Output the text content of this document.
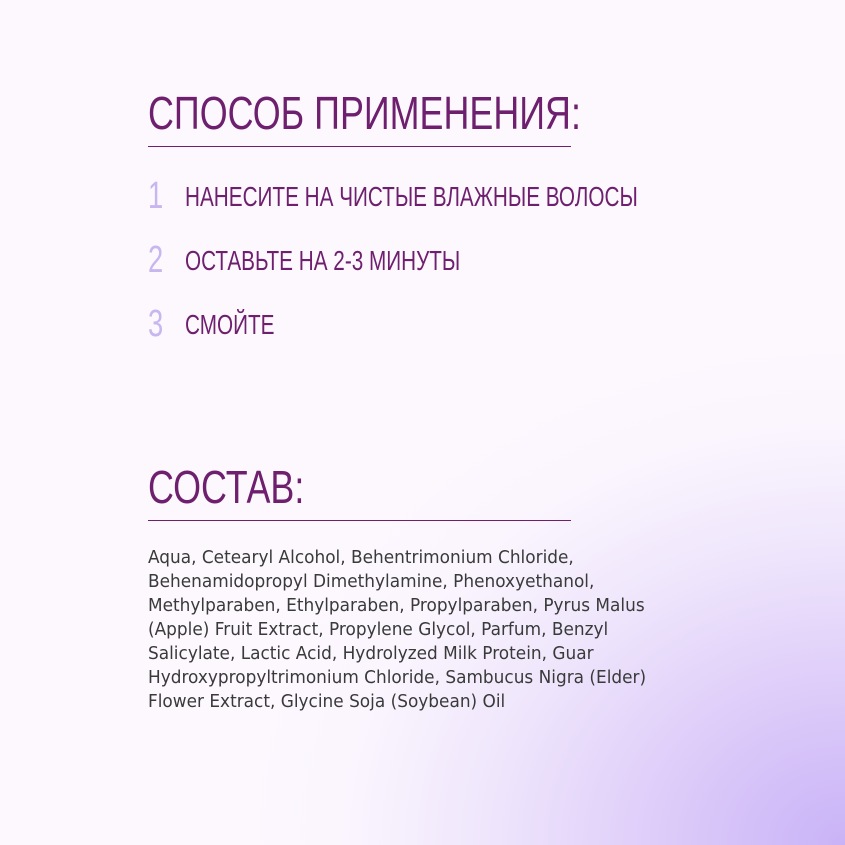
СПОСОБ ПРИМЕНЕНИЯ:
1 НАНЕСИТЕ НА ЧИСТЫЕ ВЛАЖНЫЕ ВОЛОСЫ
2 ОСТАВЬТЕ НА 2-3 МИНУТЫ
3 СМОЙТЕ
СОСТАВ:

Aqua, Cetearyl Alcohol, Behentrimonium Chloride, Behenamidopropyl Dimethylamine, Phenoxyethanol, Methylparaben, Ethylparaben, Propylparaben, Pyrus Malus (Apple) Fruit Extract, Propylene Glycol, Parfum, Benzyl Salicylate, Lactic Acid, Hydrolyzed Milk Protein, Guar Hydroxypropyltrimonium Chloride, Sambucus Nigra (Elder) Flower Extract, Glycine Soja (Soybean) Oil
